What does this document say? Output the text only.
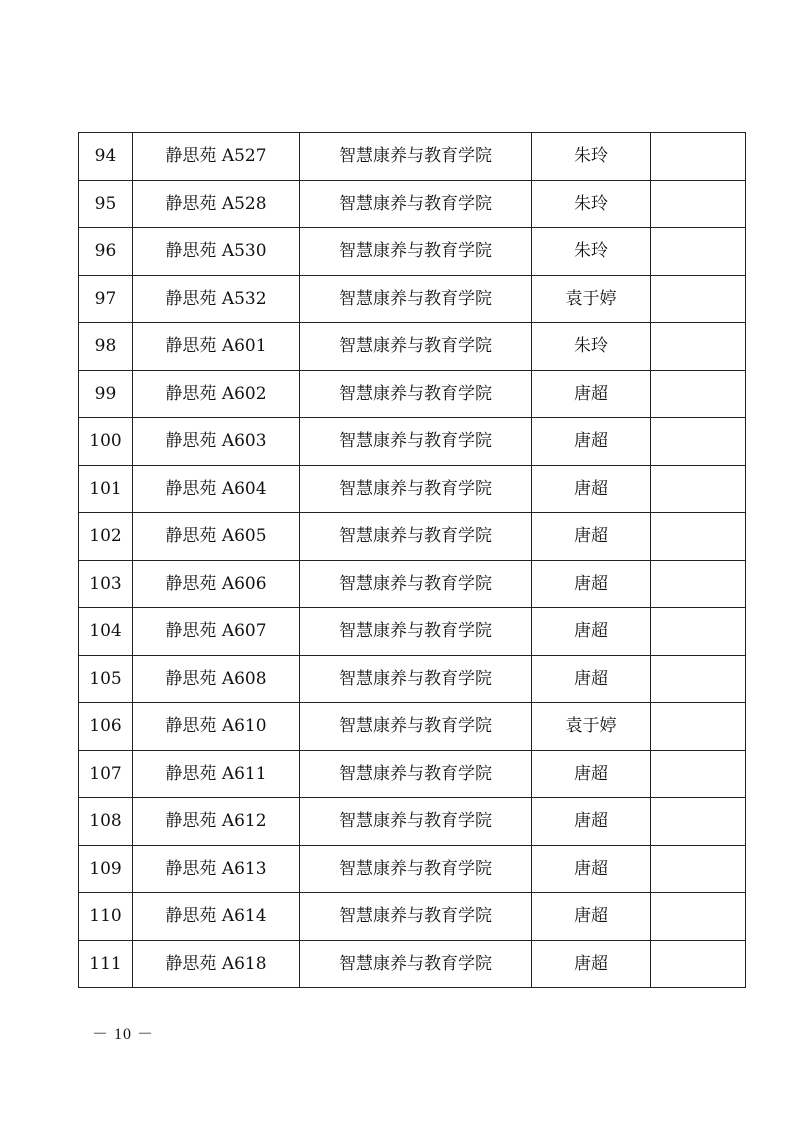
94	静思苑 A527	智慧康养与教育学院	朱玲	
95	静思苑 A528	智慧康养与教育学院	朱玲	
96	静思苑 A530	智慧康养与教育学院	朱玲	
97	静思苑 A532	智慧康养与教育学院	袁于婷	
98	静思苑 A601	智慧康养与教育学院	朱玲	
99	静思苑 A602	智慧康养与教育学院	唐超	
100	静思苑 A603	智慧康养与教育学院	唐超	
101	静思苑 A604	智慧康养与教育学院	唐超	
102	静思苑 A605	智慧康养与教育学院	唐超	
103	静思苑 A606	智慧康养与教育学院	唐超	
104	静思苑 A607	智慧康养与教育学院	唐超	
105	静思苑 A608	智慧康养与教育学院	唐超	
106	静思苑 A610	智慧康养与教育学院	袁于婷	
107	静思苑 A611	智慧康养与教育学院	唐超	
108	静思苑 A612	智慧康养与教育学院	唐超	
109	静思苑 A613	智慧康养与教育学院	唐超	
110	静思苑 A614	智慧康养与教育学院	唐超	
111	静思苑 A618	智慧康养与教育学院	唐超	
－ 10 －
